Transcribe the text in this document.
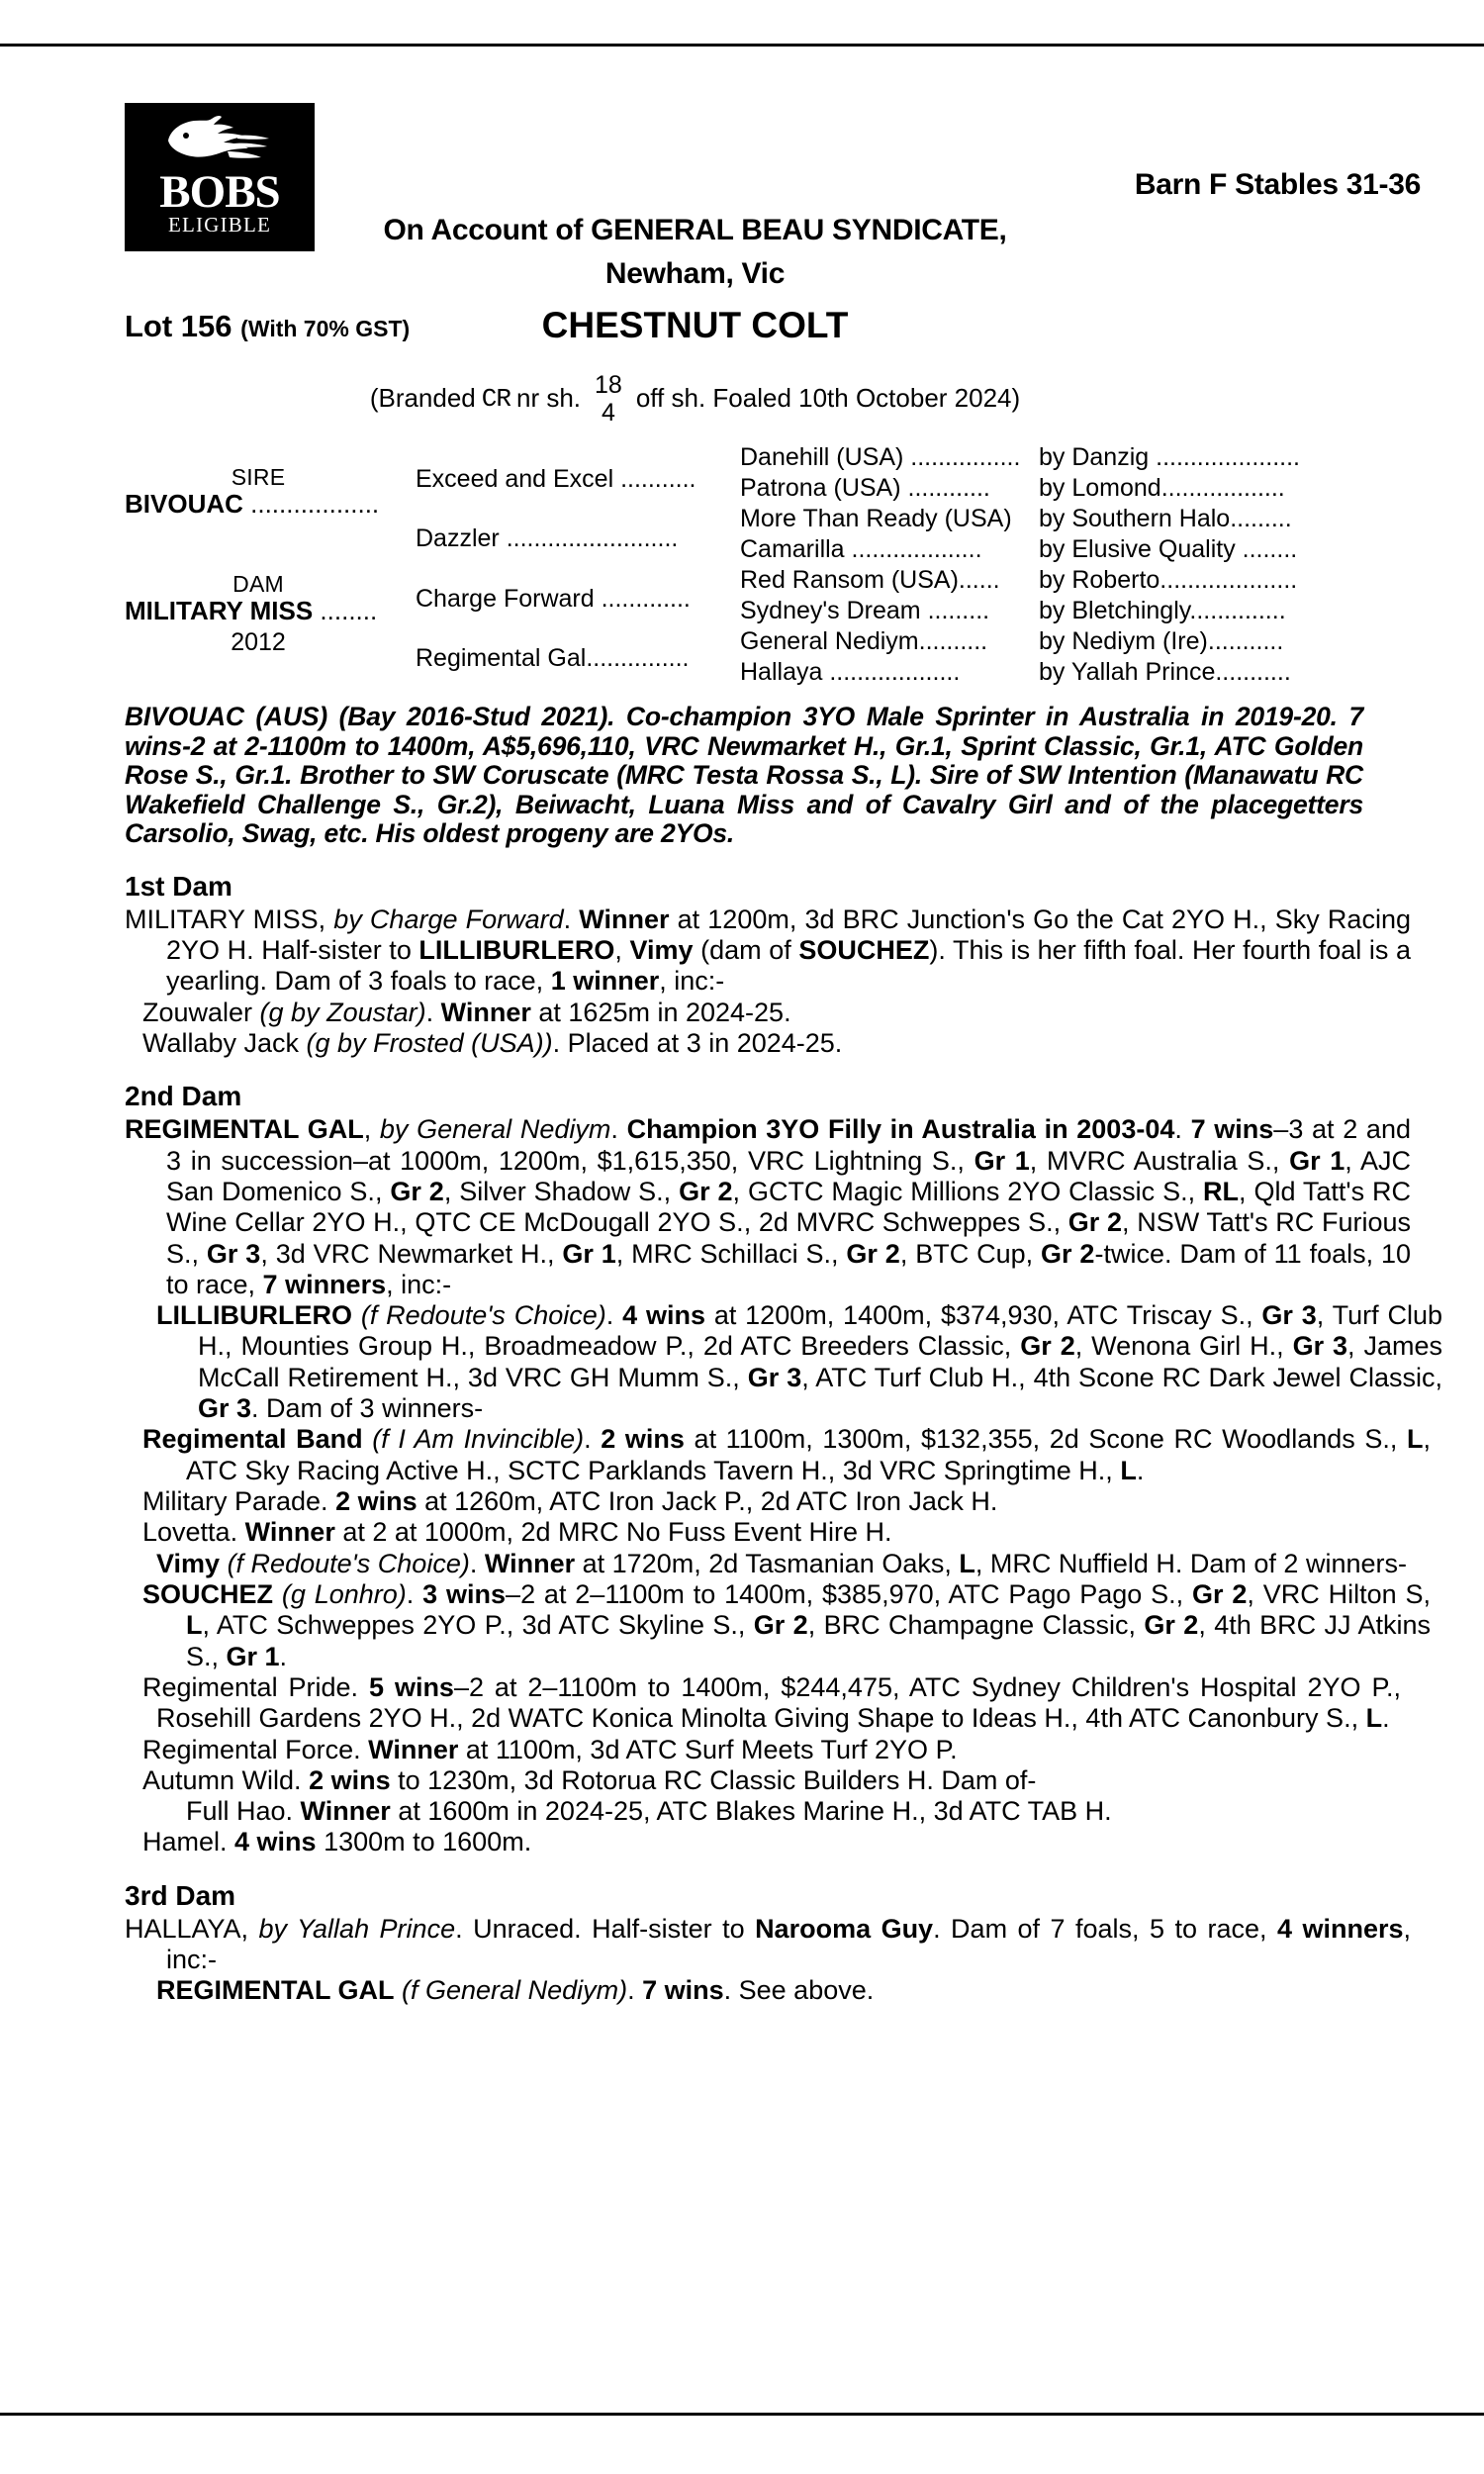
BOBS
ELIGIBLE
Barn F Stables 31-36
On Account of GENERAL BEAU SYNDICATE,
Newham, Vic
Lot 156 (With 70% GST)	CHESTNUT COLT
(Branded CR nr sh. 18
4 off sh. Foaled 10th October 2024)
SIRE
BIVOUAC ..................
DAM
MILITARY MISS ........
2012
Exceed and Excel ...........
Dazzler .........................
Charge Forward .............
Regimental Gal...............
Danehill (USA) ................
Patrona (USA) ............
More Than Ready (USA)
Camarilla ...................
Red Ransom (USA)......
Sydney's Dream .........
General Nediym..........
Hallaya ...................
by Danzig .....................
by Lomond..................
by Southern Halo.........
by Elusive Quality ........
by Roberto....................
by Bletchingly..............
by Nediym (Ire)...........
by Yallah Prince...........
BIVOUAC (AUS) (Bay 2016-Stud 2021). Co-champion 3YO Male Sprinter in Australia in 2019-20. 7 wins-2 at 2-1100m to 1400m, A$5,696,110, VRC Newmarket H., Gr.1, Sprint Classic, Gr.1, ATC Golden Rose S., Gr.1. Brother to SW Coruscate (MRC Testa Rossa S., L). Sire of SW Intention (Manawatu RC Wakefield Challenge S., Gr.2), Beiwacht, Luana Miss and of Cavalry Girl and of the placegetters Carsolio, Swag, etc. His oldest progeny are 2YOs.
1st Dam
MILITARY MISS, by Charge Forward. Winner at 1200m, 3d BRC Junction's Go the Cat 2YO H., Sky Racing 2YO H. Half-sister to LILLIBURLERO, Vimy (dam of SOUCHEZ). This is her fifth foal. Her fourth foal is a yearling. Dam of 3 foals to race, 1 winner, inc:-
Zouwaler (g by Zoustar). Winner at 1625m in 2024-25.
Wallaby Jack (g by Frosted (USA)). Placed at 3 in 2024-25.
2nd Dam
REGIMENTAL GAL, by General Nediym. Champion 3YO Filly in Australia in 2003-04. 7 wins–3 at 2 and 3 in succession–at 1000m, 1200m, $1,615,350, VRC Lightning S., Gr 1, MVRC Australia S., Gr 1, AJC San Domenico S., Gr 2, Silver Shadow S., Gr 2, GCTC Magic Millions 2YO Classic S., RL, Qld Tatt's RC Wine Cellar 2YO H., QTC CE McDougall 2YO S., 2d MVRC Schweppes S., Gr 2, NSW Tatt's RC Furious S., Gr 3, 3d VRC Newmarket H., Gr 1, MRC Schillaci S., Gr 2, BTC Cup, Gr 2-twice. Dam of 11 foals, 10 to race, 7 winners, inc:-
LILLIBURLERO (f Redoute's Choice). 4 wins at 1200m, 1400m, $374,930, ATC Triscay S., Gr 3, Turf Club H., Mounties Group H., Broadmeadow P., 2d ATC Breeders Classic, Gr 2, Wenona Girl H., Gr 3, James McCall Retirement H., 3d VRC GH Mumm S., Gr 3, ATC Turf Club H., 4th Scone RC Dark Jewel Classic, Gr 3. Dam of 3 winners-
Regimental Band (f I Am Invincible). 2 wins at 1100m, 1300m, $132,355, 2d Scone RC Woodlands S., L, ATC Sky Racing Active H., SCTC Parklands Tavern H., 3d VRC Springtime H., L.
Military Parade. 2 wins at 1260m, ATC Iron Jack P., 2d ATC Iron Jack H.
Lovetta. Winner at 2 at 1000m, 2d MRC No Fuss Event Hire H.
Vimy (f Redoute's Choice). Winner at 1720m, 2d Tasmanian Oaks, L, MRC Nuffield H. Dam of 2 winners-
SOUCHEZ (g Lonhro). 3 wins–2 at 2–1100m to 1400m, $385,970, ATC Pago Pago S., Gr 2, VRC Hilton S, L, ATC Schweppes 2YO P., 3d ATC Skyline S., Gr 2, BRC Champagne Classic, Gr 2, 4th BRC JJ Atkins S., Gr 1.
Regimental Pride. 5 wins–2 at 2–1100m to 1400m, $244,475, ATC Sydney Children's Hospital 2YO P., Rosehill Gardens 2YO H., 2d WATC Konica Minolta Giving Shape to Ideas H., 4th ATC Canonbury S., L.
Regimental Force. Winner at 1100m, 3d ATC Surf Meets Turf 2YO P.
Autumn Wild. 2 wins to 1230m, 3d Rotorua RC Classic Builders H. Dam of-
Full Hao. Winner at 1600m in 2024-25, ATC Blakes Marine H., 3d ATC TAB H.
Hamel. 4 wins 1300m to 1600m.
3rd Dam
HALLAYA, by Yallah Prince. Unraced. Half-sister to Narooma Guy. Dam of 7 foals, 5 to race, 4 winners, inc:-
REGIMENTAL GAL (f General Nediym). 7 wins. See above.
